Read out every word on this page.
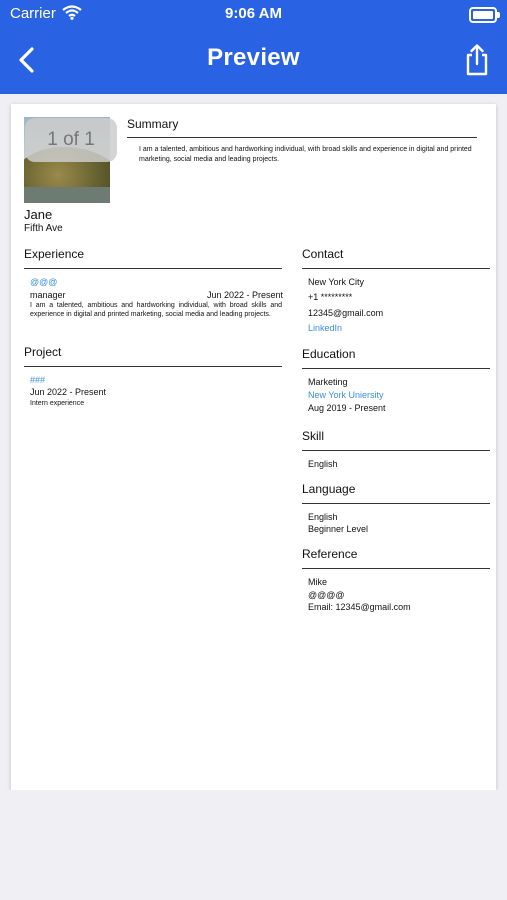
Carrier	9:06 AM
Preview
1 of 1
Jane
Fifth Ave
Summary
I am a talented, ambitious and hardworking individual, with broad skills and experience in digital and printed marketing, social media and leading projects.
Experience
@@@
manager	Jun 2022 - Present
I am a talented, ambitious and hardworking individual, with broad skills and experience in digital and printed marketing, social media and leading projects.
Project
###
Jun 2022 - Present
Intern experience
Contact
New York City
+1 *********
12345@gmail.com
LinkedIn
Education
Marketing
New York Uniersity
Aug 2019 - Present
Skill
English
Language
English
Beginner Level
Reference
Mike
@@@@
Email: 12345@gmail.com
